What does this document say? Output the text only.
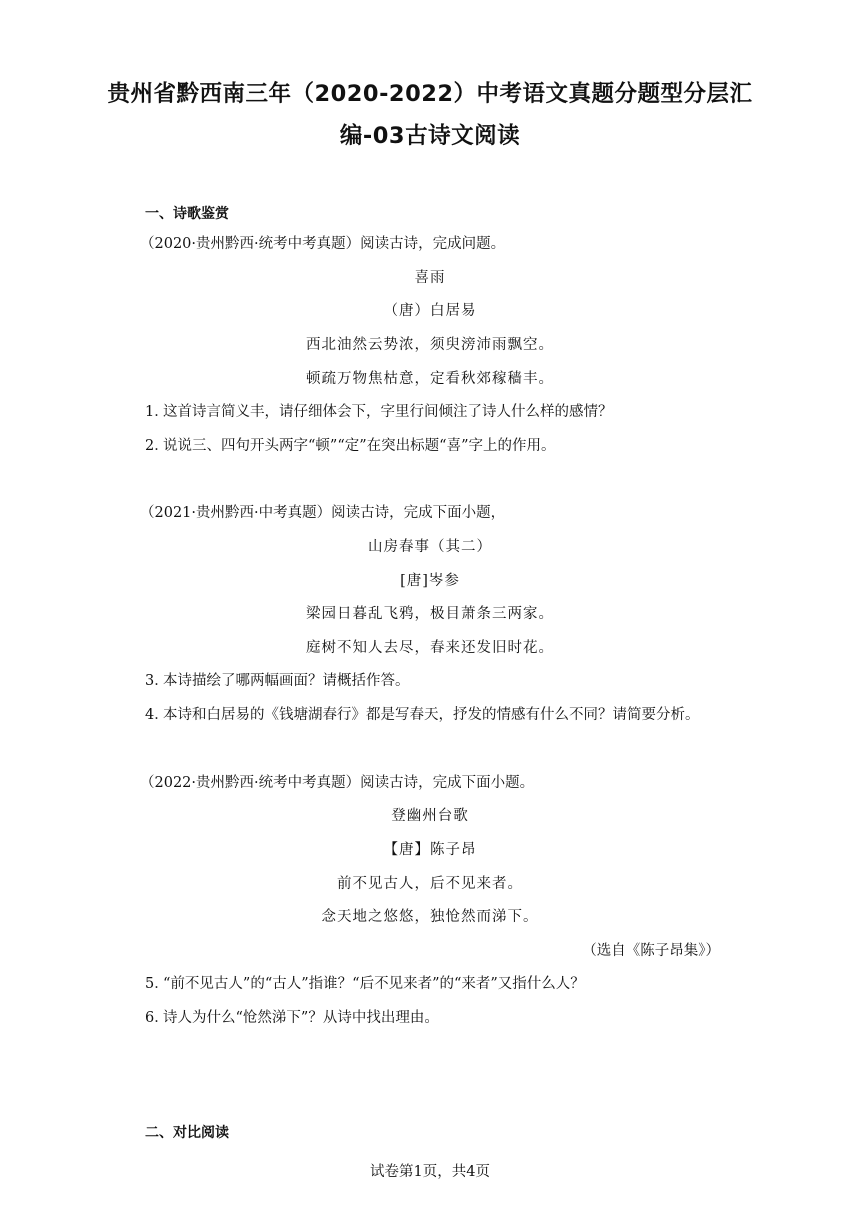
贵州省黔西南三年（2020-2022）中考语文真题分题型分层汇
编-03古诗文阅读
一、诗歌鉴赏
（2020·贵州黔西·统考中考真题）阅读古诗，完成问题。
喜雨
（唐）白居易
西北油然云势浓，须臾滂沛雨飘空。
顿疏万物焦枯意，定看秋郊稼穑丰。
1．这首诗言简义丰，请仔细体会下，字里行间倾注了诗人什么样的感情？
2．说说三、四句开头两字“顿”“定”在突出标题“喜”字上的作用。
（2021·贵州黔西·中考真题）阅读古诗，完成下面小题，
山房春事（其二）
[唐]岑参
梁园日暮乱飞鸦，极目萧条三两家。
庭树不知人去尽，春来还发旧时花。
3．本诗描绘了哪两幅画面？请概括作答。
4．本诗和白居易的《钱塘湖春行》都是写春天，抒发的情感有什么不同？请简要分析。
（2022·贵州黔西·统考中考真题）阅读古诗，完成下面小题。
登幽州台歌
【唐】陈子昂
前不见古人，后不见来者。
念天地之悠悠，独怆然而涕下。
（选自《陈子昂集》）
5．“前不见古人”的“古人”指谁？“后不见来者”的“来者”又指什么人？
6．诗人为什么“怆然涕下”？从诗中找出理由。
二、对比阅读
试卷第1页，共4页
